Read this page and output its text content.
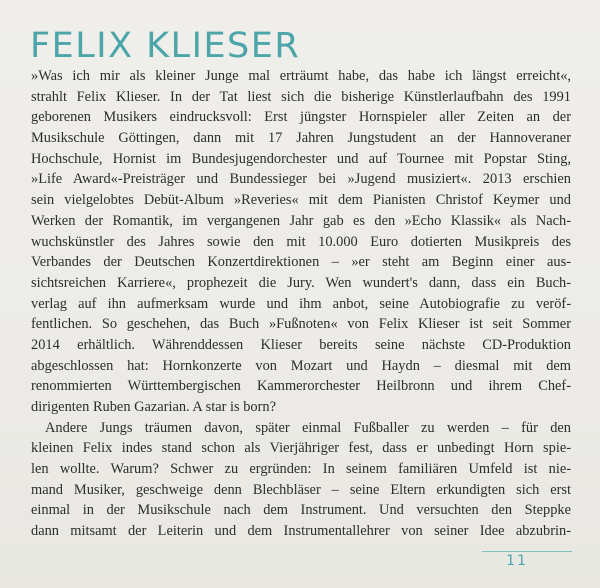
FELIX KLIESER
»Was ich mir als kleiner Junge mal erträumt habe, das habe ich längst erreicht«,
strahlt Felix Klieser. In der Tat liest sich die bisherige Künstlerlaufbahn des 1991
geborenen Musikers eindrucksvoll: Erst jüngster Hornspieler aller Zeiten an der
Musikschule Göttingen, dann mit 17 Jahren Jungstudent an der Hannoveraner
Hochschule, Hornist im Bundesjugendorchester und auf Tournee mit Popstar Sting,
»Life Award«-Preisträger und Bundessieger bei »Jugend musiziert«. 2013 erschien
sein vielgelobtes Debüt-Album »Reveries« mit dem Pianisten Christof Keymer und
Werken der Romantik, im vergangenen Jahr gab es den »Echo Klassik« als Nach-
wuchskünstler des Jahres sowie den mit 10.000 Euro dotierten Musikpreis des
Verbandes der Deutschen Konzertdirektionen – »er steht am Beginn einer aus-
sichtsreichen Karriere«, prophezeit die Jury. Wen wundert's dann, dass ein Buch-
verlag auf ihn aufmerksam wurde und ihm anbot, seine Autobiografie zu veröf-
fentlichen. So geschehen, das Buch »Fußnoten« von Felix Klieser ist seit Sommer
2014 erhältlich. Währenddessen Klieser bereits seine nächste CD-Produktion
abgeschlossen hat: Hornkonzerte von Mozart und Haydn – diesmal mit dem
renommierten Württembergischen Kammerorchester Heilbronn und ihrem Chef-
dirigenten Ruben Gazarian. A star is born?
Andere Jungs träumen davon, später einmal Fußballer zu werden – für den
kleinen Felix indes stand schon als Vierjähriger fest, dass er unbedingt Horn spie-
len wollte. Warum? Schwer zu ergründen: In seinem familiären Umfeld ist nie-
mand Musiker, geschweige denn Blechbläser – seine Eltern erkundigten sich erst
einmal in der Musikschule nach dem Instrument. Und versuchten den Steppke
dann mitsamt der Leiterin und dem Instrumentallehrer von seiner Idee abzubrin-
11
